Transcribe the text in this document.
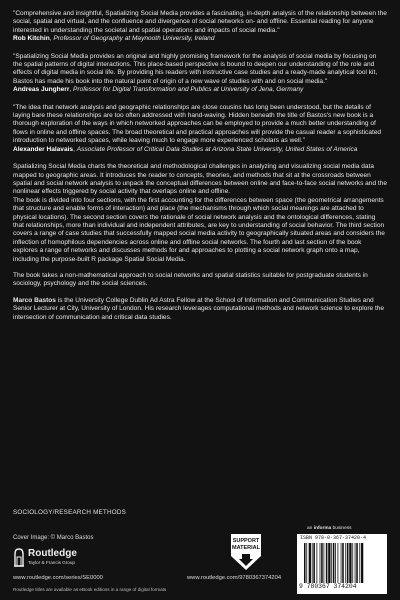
"Comprehensive and insightful, Spatializing Social Media provides a fascinating, in-depth analysis of the relationship between the social, spatial and virtual, and the confluence and divergence of social networks on- and offline. Essential reading for anyone interested in understanding the societal and spatial operations and impacts of social media."

Rob Kitchin, Professor of Geography at Maynooth University, Ireland

"Spatializing Social Media provides an original and highly promising framework for the analysis of social media by focusing on the spatial patterns of digital interactions. This place-based perspective is bound to deepen our understanding of the role and effects of digital media in social life. By providing his readers with instructive case studies and a ready-made analytical tool kit, Bastos has made his book into the natural point of origin of a new wave of studies with and on social media."

Andreas Jungherr, Professor for Digital Transformation and Publics at University of Jena, Germany

"The idea that network analysis and geographic relationships are close cousins has long been understood, but the details of laying bare these relationships are too often addressed with hand-waving. Hidden beneath the title of Bastos's new book is a thorough exploration of the ways in which networked approaches can be employed to provide a much better understanding of flows in online and offline spaces. The broad theoretical and practical approaches will provide the casual reader a sophisticated introduction to networked spaces, while leaving much to engage more experienced scholars as well."

Alexander Halavais, Associate Professor of Critical Data Studies at Arizona State University, United States of America

Spatializing Social Media charts the theoretical and methodological challenges in analyzing and visualizing social media data mapped to geographic areas. It introduces the reader to concepts, theories, and methods that sit at the crossroads between spatial and social network analysis to unpack the conceptual differences between online and face-to-face social networks and the nonlinear effects triggered by social activity that overlaps online and offline.

The book is divided into four sections, with the first accounting for the differences between space (the geometrical arrangements that structure and enable forms of interaction) and place (the mechanisms through which social meanings are attached to physical locations). The second section covers the rationale of social network analysis and the ontological differences, stating that relationships, more than individual and independent attributes, are key to understanding of social behavior. The third section covers a range of case studies that successfully mapped social media activity to geographically situated areas and considers the inflection of homophilous dependencies across online and offline social networks. The fourth and last section of the book explores a range of networks and discusses methods for and approaches to plotting a social network graph onto a map, including the purpose-built R package Spatial Social Media.

The book takes a non-mathematical approach to social networks and spatial statistics suitable for postgraduate students in sociology, psychology and the social sciences.

Marco Bastos is the University College Dublin Ad Astra Fellow at the School of Information and Communication Studies and Senior Lecturer at City, University of London. His research leverages computational methods and network science to explore the intersection of communication and critical data studies.

SOCIOLOGY/RESEARCH METHODS
Cover Image: © Marco Bastos
Routledge
Taylor & Francis Group
www.routledge.com/series/SE0000
Routledge titles are available as eBook editions in a range of digital formats
SUPPORT
MATERIAL
www.routledge.com/9780367374204
an informa business
ISBN 978-0-367-37420-4
9 780367 374204
